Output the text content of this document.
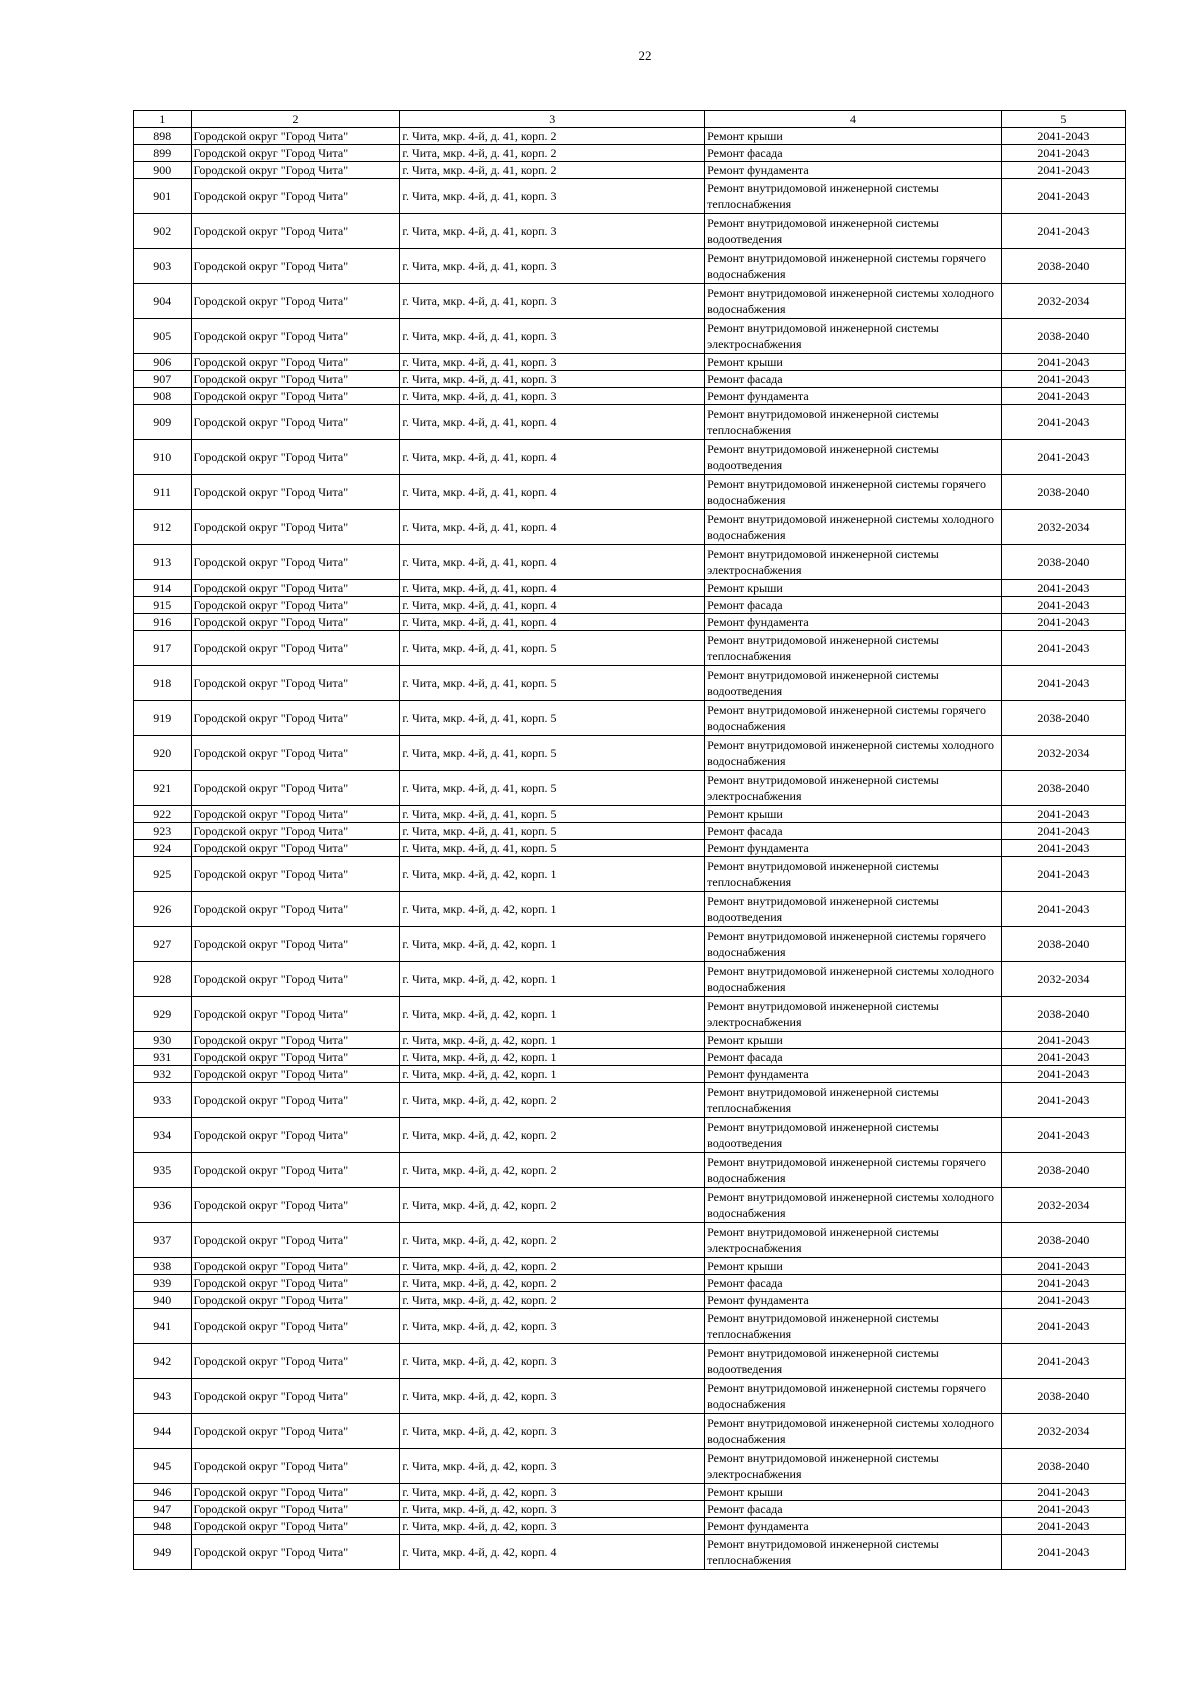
22
1	2	3	4	5
898	Городской округ "Город Чита"	г. Чита, мкр. 4-й, д. 41, корп. 2	Ремонт крыши	2041-2043
899	Городской округ "Город Чита"	г. Чита, мкр. 4-й, д. 41, корп. 2	Ремонт фасада	2041-2043
900	Городской округ "Город Чита"	г. Чита, мкр. 4-й, д. 41, корп. 2	Ремонт фундамента	2041-2043
901	Городской округ "Город Чита"	г. Чита, мкр. 4-й, д. 41, корп. 3	Ремонт внутридомовой инженерной системы теплоснабжения	2041-2043
902	Городской округ "Город Чита"	г. Чита, мкр. 4-й, д. 41, корп. 3	Ремонт внутридомовой инженерной системы водоотведения	2041-2043
903	Городской округ "Город Чита"	г. Чита, мкр. 4-й, д. 41, корп. 3	Ремонт внутридомовой инженерной системы горячего водоснабжения	2038-2040
904	Городской округ "Город Чита"	г. Чита, мкр. 4-й, д. 41, корп. 3	Ремонт внутридомовой инженерной системы холодного водоснабжения	2032-2034
905	Городской округ "Город Чита"	г. Чита, мкр. 4-й, д. 41, корп. 3	Ремонт внутридомовой инженерной системы электроснабжения	2038-2040
906	Городской округ "Город Чита"	г. Чита, мкр. 4-й, д. 41, корп. 3	Ремонт крыши	2041-2043
907	Городской округ "Город Чита"	г. Чита, мкр. 4-й, д. 41, корп. 3	Ремонт фасада	2041-2043
908	Городской округ "Город Чита"	г. Чита, мкр. 4-й, д. 41, корп. 3	Ремонт фундамента	2041-2043
909	Городской округ "Город Чита"	г. Чита, мкр. 4-й, д. 41, корп. 4	Ремонт внутридомовой инженерной системы теплоснабжения	2041-2043
910	Городской округ "Город Чита"	г. Чита, мкр. 4-й, д. 41, корп. 4	Ремонт внутридомовой инженерной системы водоотведения	2041-2043
911	Городской округ "Город Чита"	г. Чита, мкр. 4-й, д. 41, корп. 4	Ремонт внутридомовой инженерной системы горячего водоснабжения	2038-2040
912	Городской округ "Город Чита"	г. Чита, мкр. 4-й, д. 41, корп. 4	Ремонт внутридомовой инженерной системы холодного водоснабжения	2032-2034
913	Городской округ "Город Чита"	г. Чита, мкр. 4-й, д. 41, корп. 4	Ремонт внутридомовой инженерной системы электроснабжения	2038-2040
914	Городской округ "Город Чита"	г. Чита, мкр. 4-й, д. 41, корп. 4	Ремонт крыши	2041-2043
915	Городской округ "Город Чита"	г. Чита, мкр. 4-й, д. 41, корп. 4	Ремонт фасада	2041-2043
916	Городской округ "Город Чита"	г. Чита, мкр. 4-й, д. 41, корп. 4	Ремонт фундамента	2041-2043
917	Городской округ "Город Чита"	г. Чита, мкр. 4-й, д. 41, корп. 5	Ремонт внутридомовой инженерной системы теплоснабжения	2041-2043
918	Городской округ "Город Чита"	г. Чита, мкр. 4-й, д. 41, корп. 5	Ремонт внутридомовой инженерной системы водоотведения	2041-2043
919	Городской округ "Город Чита"	г. Чита, мкр. 4-й, д. 41, корп. 5	Ремонт внутридомовой инженерной системы горячего водоснабжения	2038-2040
920	Городской округ "Город Чита"	г. Чита, мкр. 4-й, д. 41, корп. 5	Ремонт внутридомовой инженерной системы холодного водоснабжения	2032-2034
921	Городской округ "Город Чита"	г. Чита, мкр. 4-й, д. 41, корп. 5	Ремонт внутридомовой инженерной системы электроснабжения	2038-2040
922	Городской округ "Город Чита"	г. Чита, мкр. 4-й, д. 41, корп. 5	Ремонт крыши	2041-2043
923	Городской округ "Город Чита"	г. Чита, мкр. 4-й, д. 41, корп. 5	Ремонт фасада	2041-2043
924	Городской округ "Город Чита"	г. Чита, мкр. 4-й, д. 41, корп. 5	Ремонт фундамента	2041-2043
925	Городской округ "Город Чита"	г. Чита, мкр. 4-й, д. 42, корп. 1	Ремонт внутридомовой инженерной системы теплоснабжения	2041-2043
926	Городской округ "Город Чита"	г. Чита, мкр. 4-й, д. 42, корп. 1	Ремонт внутридомовой инженерной системы водоотведения	2041-2043
927	Городской округ "Город Чита"	г. Чита, мкр. 4-й, д. 42, корп. 1	Ремонт внутридомовой инженерной системы горячего водоснабжения	2038-2040
928	Городской округ "Город Чита"	г. Чита, мкр. 4-й, д. 42, корп. 1	Ремонт внутридомовой инженерной системы холодного водоснабжения	2032-2034
929	Городской округ "Город Чита"	г. Чита, мкр. 4-й, д. 42, корп. 1	Ремонт внутридомовой инженерной системы электроснабжения	2038-2040
930	Городской округ "Город Чита"	г. Чита, мкр. 4-й, д. 42, корп. 1	Ремонт крыши	2041-2043
931	Городской округ "Город Чита"	г. Чита, мкр. 4-й, д. 42, корп. 1	Ремонт фасада	2041-2043
932	Городской округ "Город Чита"	г. Чита, мкр. 4-й, д. 42, корп. 1	Ремонт фундамента	2041-2043
933	Городской округ "Город Чита"	г. Чита, мкр. 4-й, д. 42, корп. 2	Ремонт внутридомовой инженерной системы теплоснабжения	2041-2043
934	Городской округ "Город Чита"	г. Чита, мкр. 4-й, д. 42, корп. 2	Ремонт внутридомовой инженерной системы водоотведения	2041-2043
935	Городской округ "Город Чита"	г. Чита, мкр. 4-й, д. 42, корп. 2	Ремонт внутридомовой инженерной системы горячего водоснабжения	2038-2040
936	Городской округ "Город Чита"	г. Чита, мкр. 4-й, д. 42, корп. 2	Ремонт внутридомовой инженерной системы холодного водоснабжения	2032-2034
937	Городской округ "Город Чита"	г. Чита, мкр. 4-й, д. 42, корп. 2	Ремонт внутридомовой инженерной системы электроснабжения	2038-2040
938	Городской округ "Город Чита"	г. Чита, мкр. 4-й, д. 42, корп. 2	Ремонт крыши	2041-2043
939	Городской округ "Город Чита"	г. Чита, мкр. 4-й, д. 42, корп. 2	Ремонт фасада	2041-2043
940	Городской округ "Город Чита"	г. Чита, мкр. 4-й, д. 42, корп. 2	Ремонт фундамента	2041-2043
941	Городской округ "Город Чита"	г. Чита, мкр. 4-й, д. 42, корп. 3	Ремонт внутридомовой инженерной системы теплоснабжения	2041-2043
942	Городской округ "Город Чита"	г. Чита, мкр. 4-й, д. 42, корп. 3	Ремонт внутридомовой инженерной системы водоотведения	2041-2043
943	Городской округ "Город Чита"	г. Чита, мкр. 4-й, д. 42, корп. 3	Ремонт внутридомовой инженерной системы горячего водоснабжения	2038-2040
944	Городской округ "Город Чита"	г. Чита, мкр. 4-й, д. 42, корп. 3	Ремонт внутридомовой инженерной системы холодного водоснабжения	2032-2034
945	Городской округ "Город Чита"	г. Чита, мкр. 4-й, д. 42, корп. 3	Ремонт внутридомовой инженерной системы электроснабжения	2038-2040
946	Городской округ "Город Чита"	г. Чита, мкр. 4-й, д. 42, корп. 3	Ремонт крыши	2041-2043
947	Городской округ "Город Чита"	г. Чита, мкр. 4-й, д. 42, корп. 3	Ремонт фасада	2041-2043
948	Городской округ "Город Чита"	г. Чита, мкр. 4-й, д. 42, корп. 3	Ремонт фундамента	2041-2043
949	Городской округ "Город Чита"	г. Чита, мкр. 4-й, д. 42, корп. 4	Ремонт внутридомовой инженерной системы теплоснабжения	2041-2043
